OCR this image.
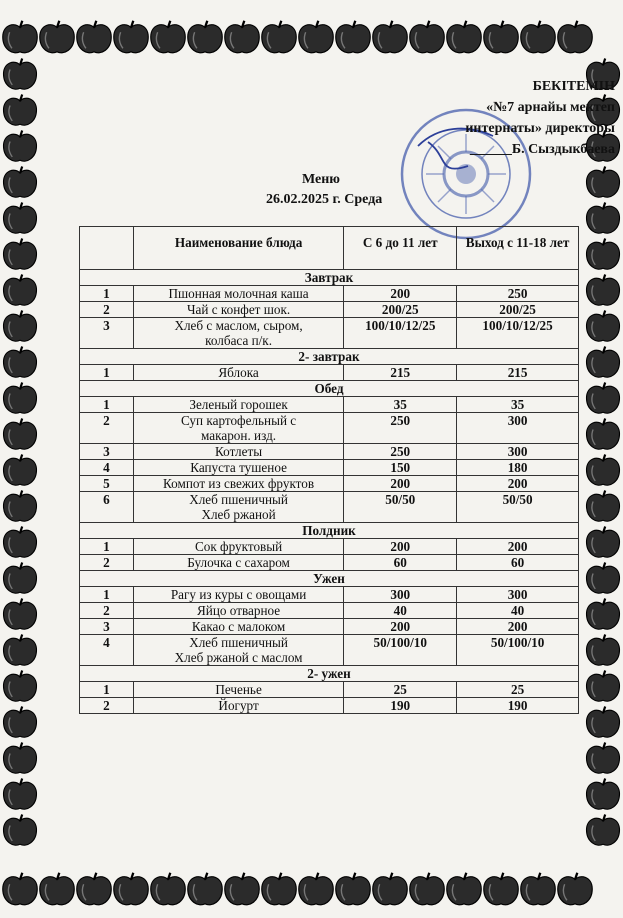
БЕКІТЕМІН
«№7 арнайы мектеп
интернаты» директоры
______Б. Сыздыкбаева
Меню
26.02.2025 г. Среда
	Наименование блюда	С 6 до 11 лет	Выход с 11-18 лет
Завтрак			
1	Пшонная молочная каша	200	250
2	Чай с конфет шок.	200/25	200/25
3	Хлеб с маслом, сыром,
колбаса п/к.	100/10/12/25	100/10/12/25
2- завтрак			
1	Яблока	215	215
Обед			
1	Зеленый горошек	35	35
2	Суп картофельный с
макарон. изд.	250	300
3	Котлеты	250	300
4	Капуста тушеное	150	180
5	Компот из свежих фруктов	200	200
6	Хлеб пшеничный
Хлеб ржаной	50/50	50/50
Полдник			
1	Сок фруктовый	200	200
2	Булочка с сахаром	60	60
Ужен			
1	Рагу из куры с овощами	300	300
2	Яйцо отварное	40	40
3	Какао с малоком	200	200
4	Хлеб пшеничный
Хлеб ржаной с маслом	50/100/10	50/100/10
2- ужен			
1	Печенье	25	25
2	Йогурт	190	190
